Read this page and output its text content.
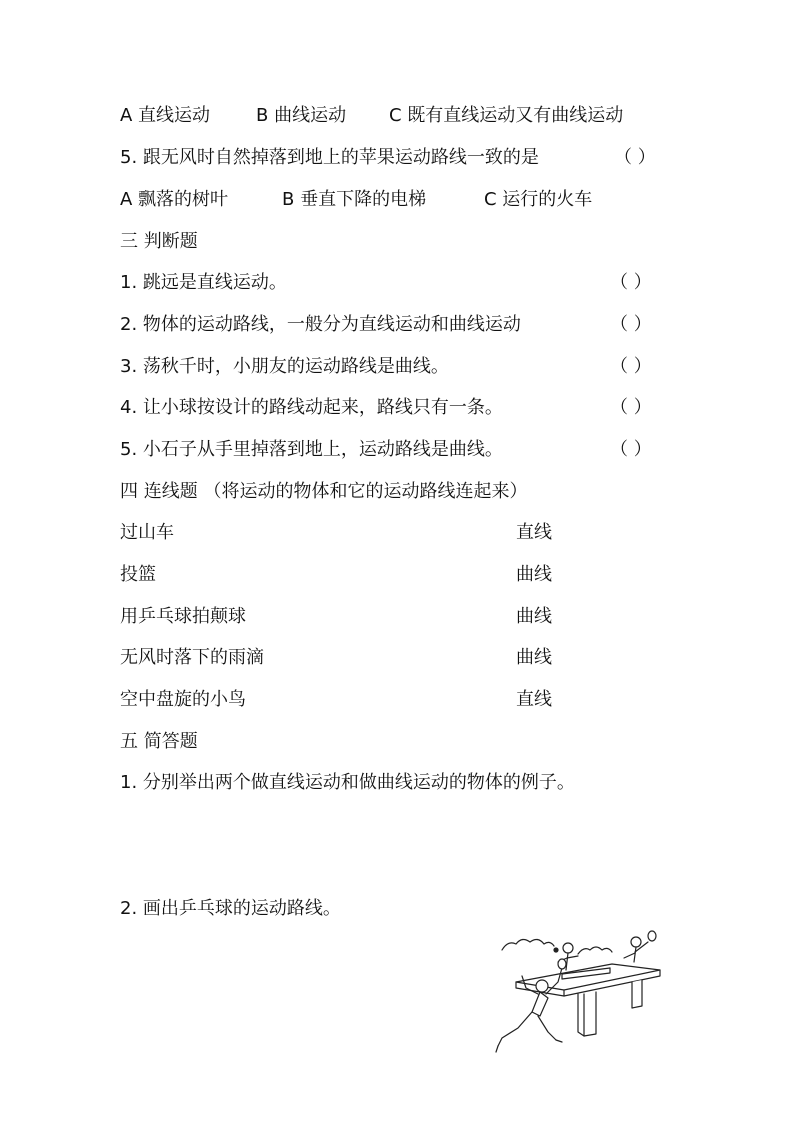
A 直线运动	B 曲线运动 C 既有直线运动又有曲线运动
5. 跟无风时自然掉落到地上的苹果运动路线一致的是	（ ）
A 飘落的树叶	B 垂直下降的电梯	C 运行的火车
三 判断题
1. 跳远是直线运动。	（ ）
2. 物体的运动路线，一般分为直线运动和曲线运动	（ ）
3. 荡秋千时，小朋友的运动路线是曲线。	（ ）
4. 让小球按设计的路线动起来，路线只有一条。	（ ）
5. 小石子从手里掉落到地上，运动路线是曲线。	（ ）
四 连线题 （将运动的物体和它的运动路线连起来）
过山车	直线
投篮	曲线
用乒乓球拍颠球	曲线
无风时落下的雨滴	曲线
空中盘旋的小鸟	直线
五 简答题
1. 分别举出两个做直线运动和做曲线运动的物体的例子。
2. 画出乒乓球的运动路线。
